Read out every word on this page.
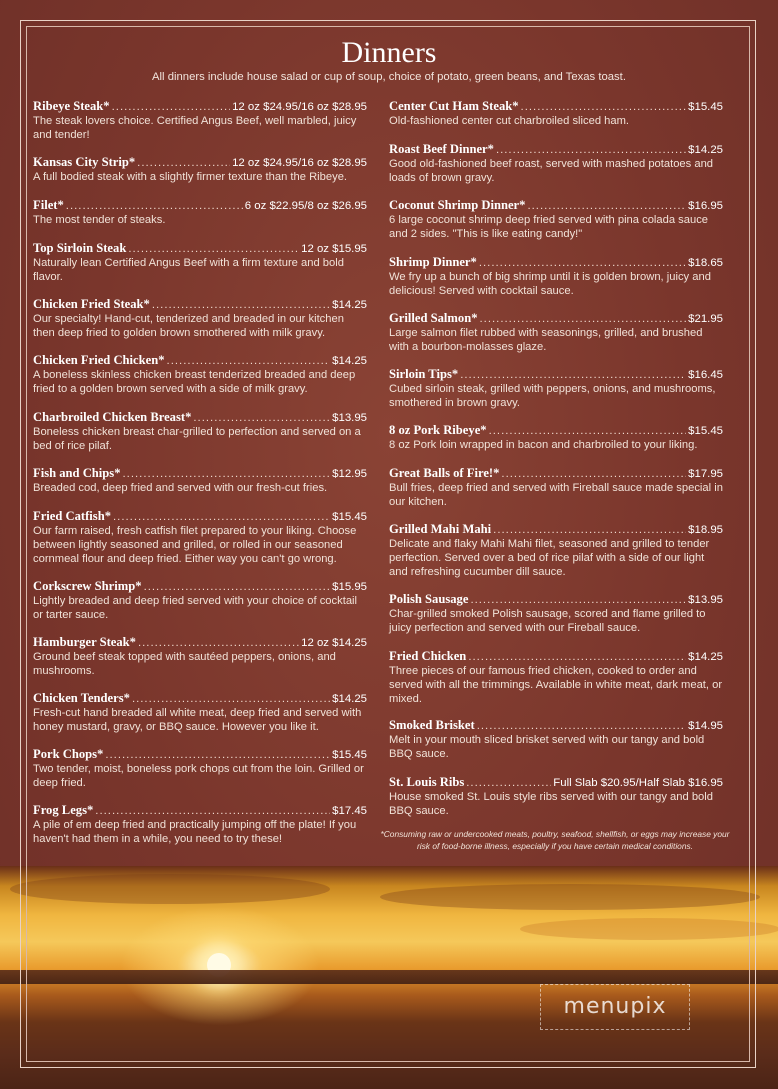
Dinners

All dinners include house salad or cup of soup, choice of potato, green beans, and Texas toast.

Ribeye Steak* .....	12 oz $24.95/16 oz $28.95
The steak lovers choice. Certified Angus Beef, well marbled, juicy and tender!
Kansas City Strip* .....	12 oz $24.95/16 oz $28.95
A full bodied steak with a slightly firmer texture than the Ribeye.
Filet* .....	6 oz $22.95/8 oz $26.95
The most tender of steaks.
Top Sirloin Steak .....	12 oz $15.95
Naturally lean Certified Angus Beef with a firm texture and bold flavor.
Chicken Fried Steak* .....	$14.25
Our specialty! Hand-cut, tenderized and breaded in our kitchen then deep fried to golden brown smothered with milk gravy.
Chicken Fried Chicken* .....	$14.25
A boneless skinless chicken breast tenderized breaded and deep fried to a golden brown served with a side of milk gravy.
Charbroiled Chicken Breast* .....	$13.95
Boneless chicken breast char-grilled to perfection and served on a bed of rice pilaf.
Fish and Chips* .....	$12.95
Breaded cod, deep fried and served with our fresh-cut fries.
Fried Catfish* .....	$15.45
Our farm raised, fresh catfish filet prepared to your liking. Choose between lightly seasoned and grilled, or rolled in our seasoned cornmeal flour and deep fried. Either way you can't go wrong.
Corkscrew Shrimp* .....	$15.95
Lightly breaded and deep fried served with your choice of cocktail or tarter sauce.
Hamburger Steak* .....	12 oz $14.25
Ground beef steak topped with sautéed peppers, onions, and mushrooms.
Chicken Tenders* .....	$14.25
Fresh-cut hand breaded all white meat, deep fried and served with honey mustard, gravy, or BBQ sauce. However you like it.
Pork Chops* .....	$15.45
Two tender, moist, boneless pork chops cut from the loin. Grilled or deep fried.
Frog Legs* .....	$17.45
A pile of em deep fried and practically jumping off the plate! If you haven't had them in a while, you need to try these!
Center Cut Ham Steak* .....	$15.45
Old-fashioned center cut charbroiled sliced ham.
Roast Beef Dinner* .....	$14.25
Good old-fashioned beef roast, served with mashed potatoes and loads of brown gravy.
Coconut Shrimp Dinner* .....	$16.95
6 large coconut shrimp deep fried served with pina colada sauce and 2 sides. "This is like eating candy!"
Shrimp Dinner* .....	$18.65
We fry up a bunch of big shrimp until it is golden brown, juicy and delicious! Served with cocktail sauce.
Grilled Salmon* .....	$21.95
Large salmon filet rubbed with seasonings, grilled, and brushed with a bourbon-molasses glaze.
Sirloin Tips* .....	$16.45
Cubed sirloin steak, grilled with peppers, onions, and mushrooms, smothered in brown gravy.
8 oz Pork Ribeye* .....	$15.45
8 oz Pork loin wrapped in bacon and charbroiled to your liking.
Great Balls of Fire!* .....	$17.95
Bull fries, deep fried and served with Fireball sauce made special in our kitchen.
Grilled Mahi Mahi .....	$18.95
Delicate and flaky Mahi Mahi filet, seasoned and grilled to tender perfection. Served over a bed of rice pilaf with a side of our light and refreshing cucumber dill sauce.
Polish Sausage .....	$13.95
Char-grilled smoked Polish sausage, scored and flame grilled to juicy perfection and served with our Fireball sauce.
Fried Chicken .....	$14.25
Three pieces of our famous fried chicken, cooked to order and served with all the trimmings. Available in white meat, dark meat, or mixed.
Smoked Brisket .....	$14.95
Melt in your mouth sliced brisket served with our tangy and bold BBQ sauce.
St. Louis Ribs .....	Full Slab $20.95/Half Slab $16.95
House smoked St. Louis style ribs served with our tangy and bold BBQ sauce.
*Consuming raw or undercooked meats, poultry, seafood, shellfish, or eggs may increase your risk of food-borne illness, especially if you have certain medical conditions.
menupix
